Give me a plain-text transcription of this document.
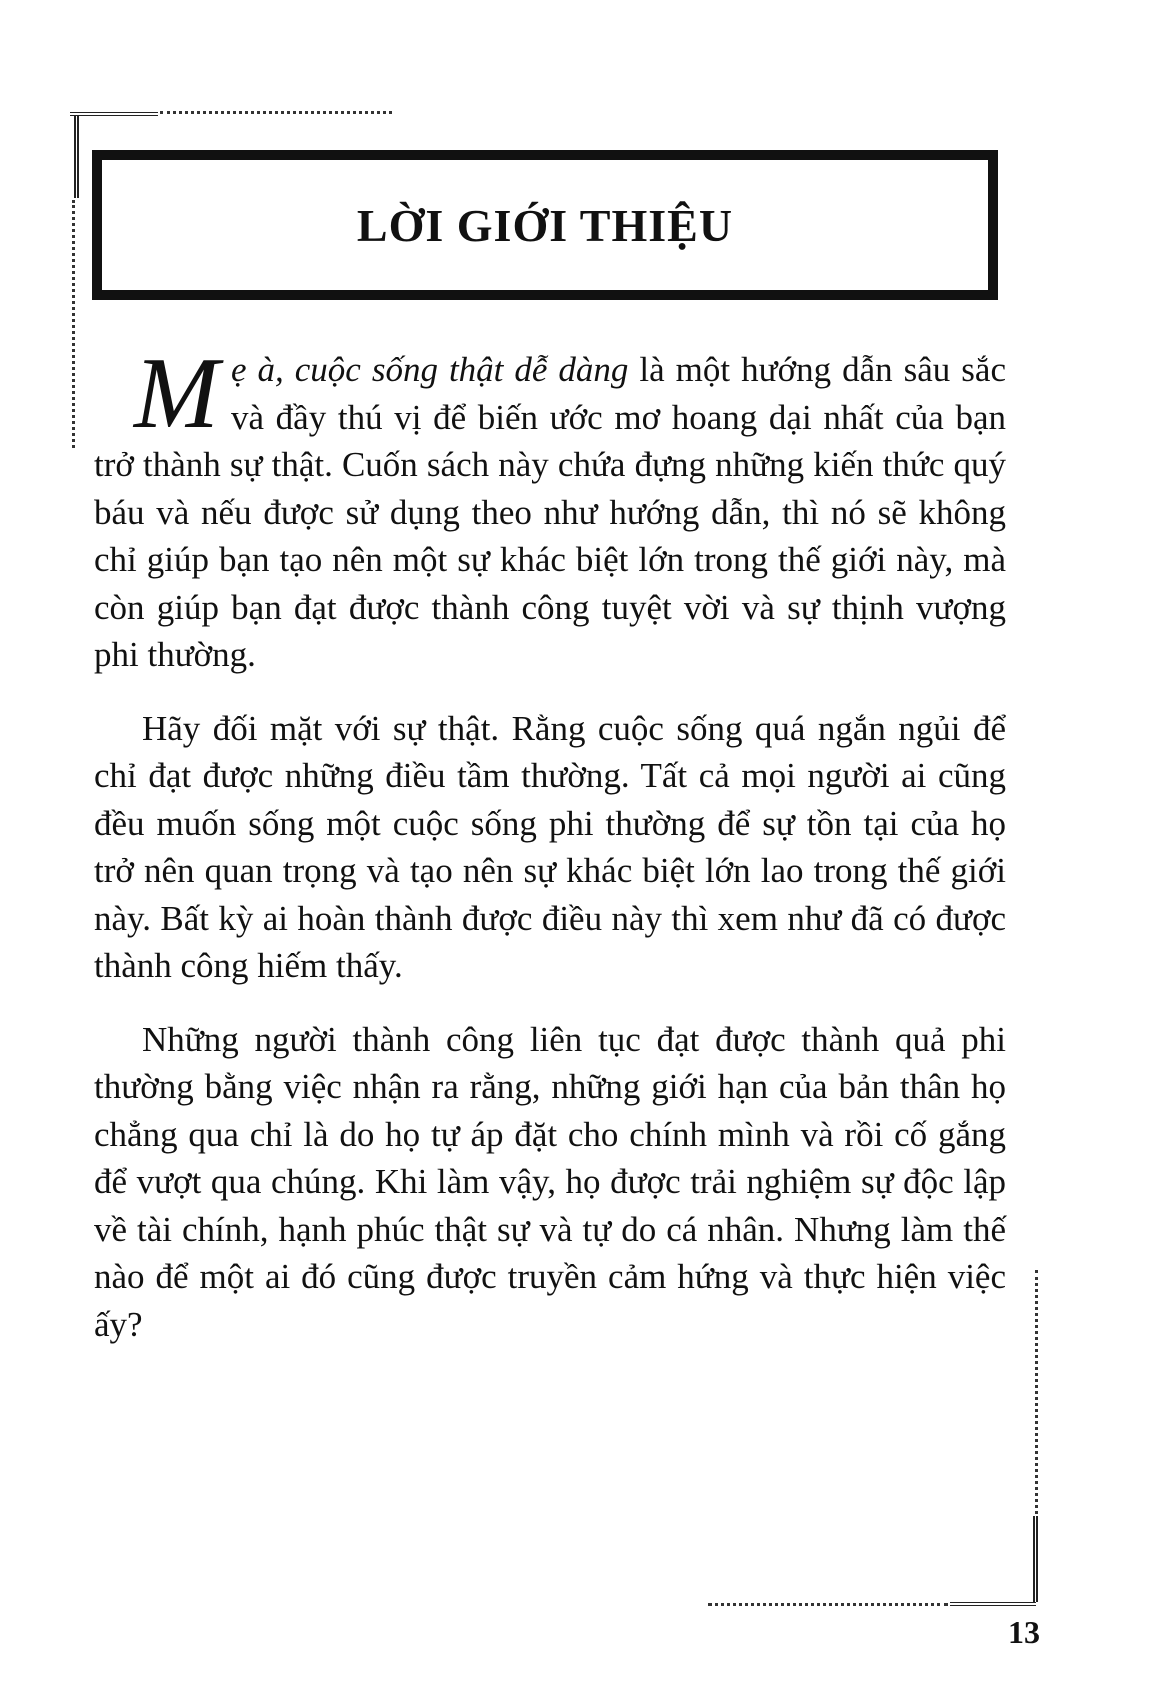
LỜI GIỚI THIỆU

Mẹ à, cuộc sống thật dễ dàng là một hướng dẫn sâu sắc và đầy thú vị để biến ước mơ hoang dại nhất của bạn trở thành sự thật. Cuốn sách này chứa đựng những kiến thức quý báu và nếu được sử dụng theo như hướng dẫn, thì nó sẽ không chỉ giúp bạn tạo nên một sự khác biệt lớn trong thế giới này, mà còn giúp bạn đạt được thành công tuyệt vời và sự thịnh vượng phi thường.

Hãy đối mặt với sự thật. Rằng cuộc sống quá ngắn ngủi để chỉ đạt được những điều tầm thường. Tất cả mọi người ai cũng đều muốn sống một cuộc sống phi thường để sự tồn tại của họ trở nên quan trọng và tạo nên sự khác biệt lớn lao trong thế giới này. Bất kỳ ai hoàn thành được điều này thì xem như đã có được thành công hiếm thấy.

Những người thành công liên tục đạt được thành quả phi thường bằng việc nhận ra rằng, những giới hạn của bản thân họ chẳng qua chỉ là do họ tự áp đặt cho chính mình và rồi cố gắng để vượt qua chúng. Khi làm vậy, họ được trải nghiệm sự độc lập về tài chính, hạnh phúc thật sự và tự do cá nhân. Nhưng làm thế nào để một ai đó cũng được truyền cảm hứng và thực hiện việc ấy?

13
